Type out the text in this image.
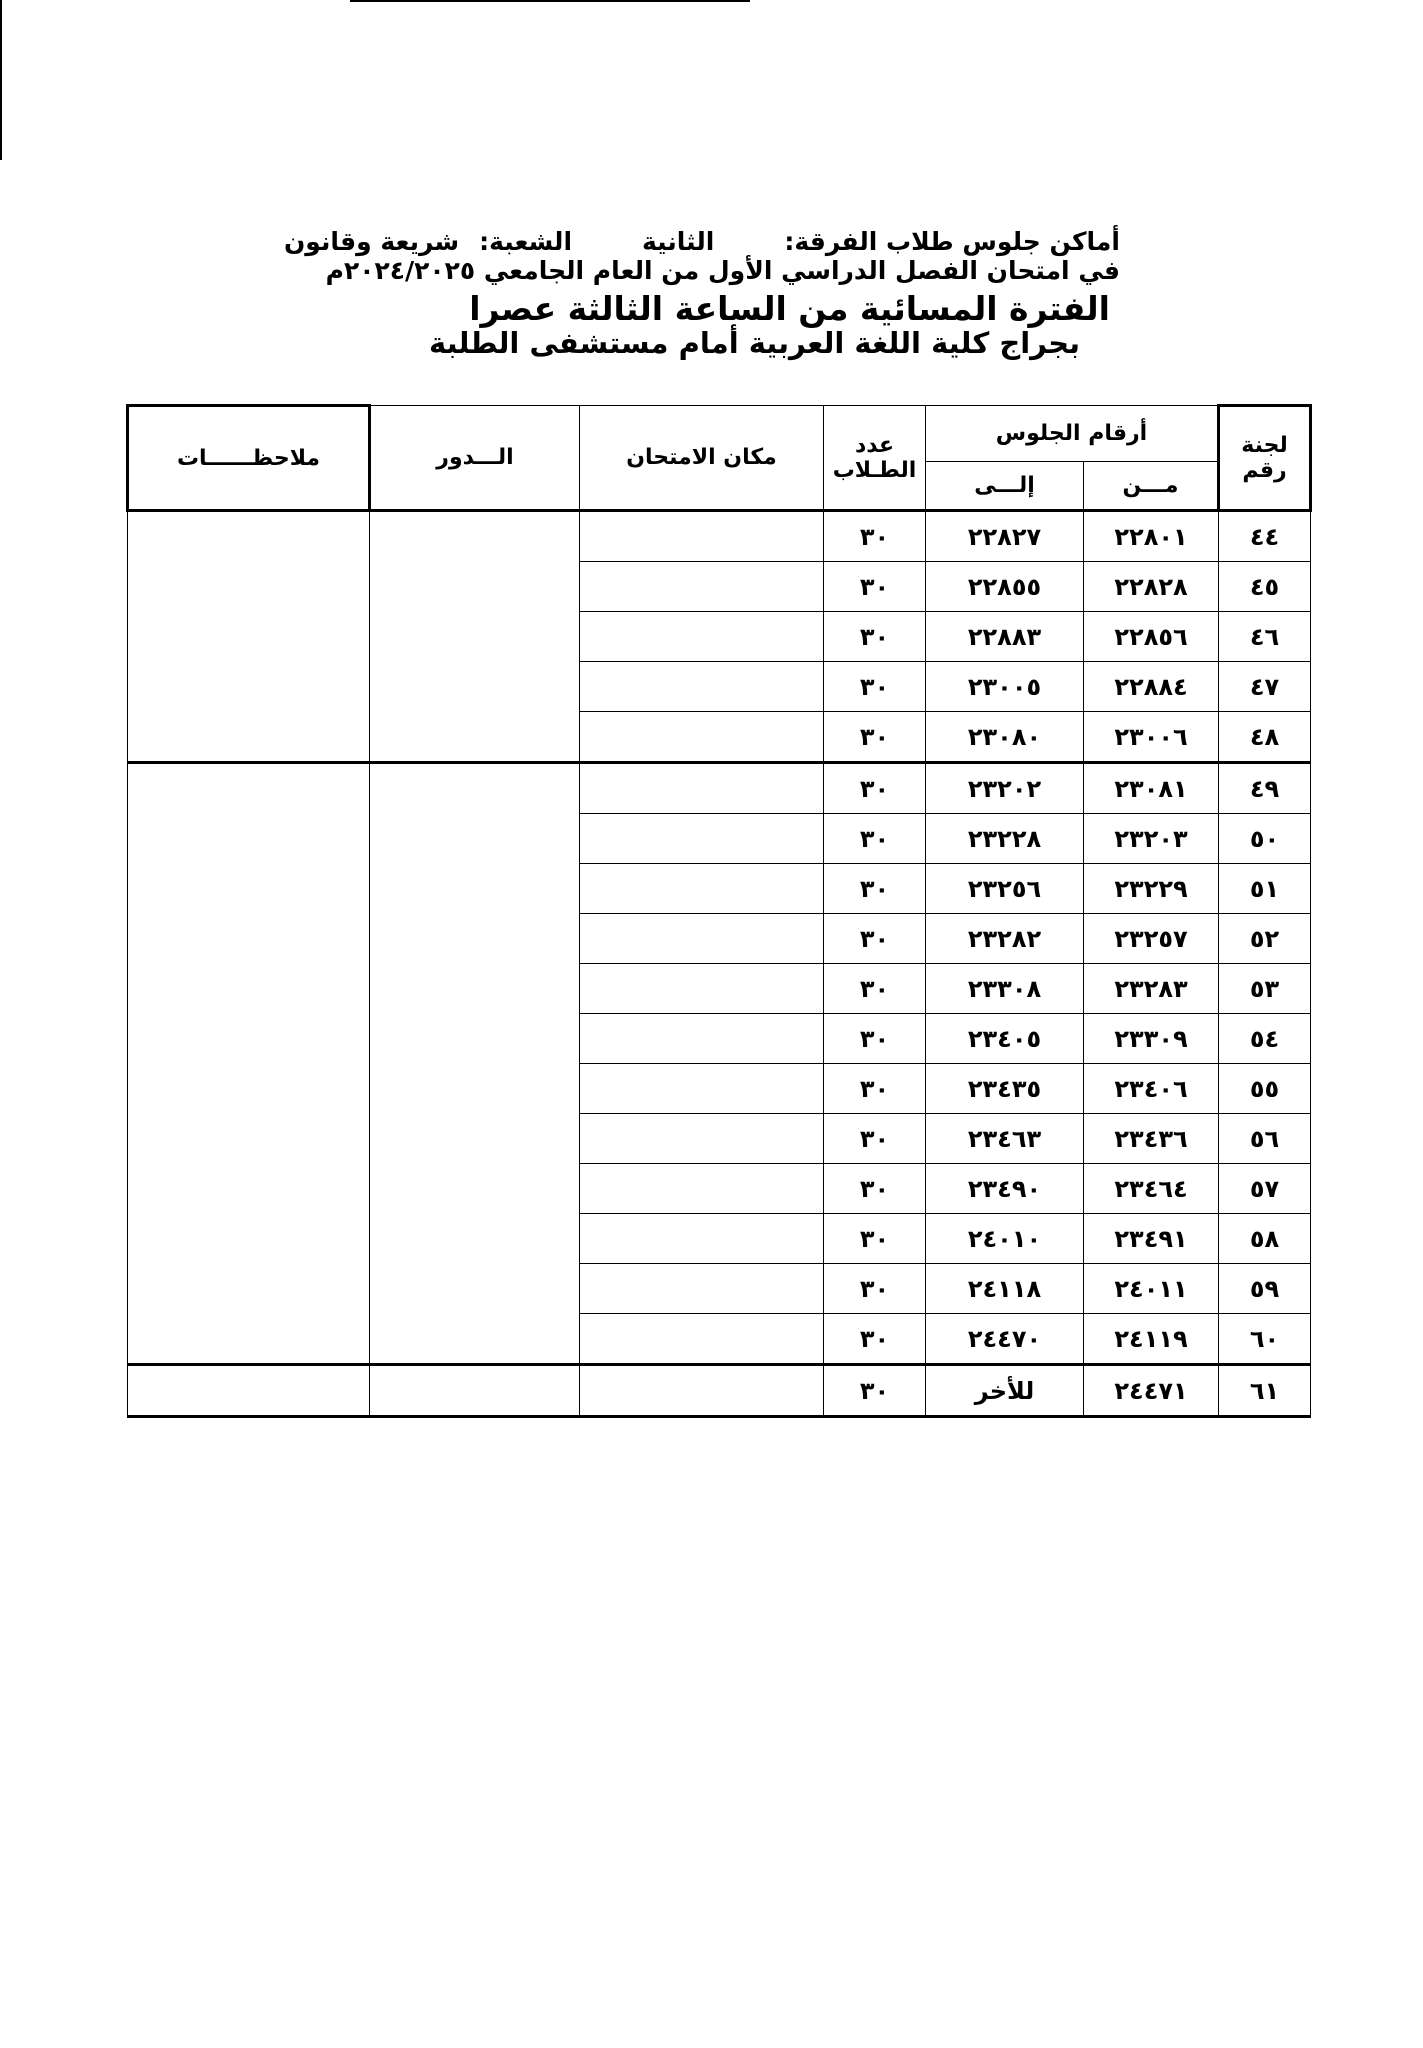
أماكن جلوس طلاب الفرقة:الثانيةالشعبة:شريعة وقانون
في امتحان الفصل الدراسي الأول من العام الجامعي ٢٠٢٤/٢٠٢٥م
الفترة المسائية من الساعة الثالثة عصرا
بجراج كلية اللغة العربية أمام مستشفى الطلبة
لجنة رقم	أرقام الجلوس		عدد الطـلاب	مكان الامتحان	الـــدور	ملاحظــــــات
	مـــن	إلـــى				
٤٤	٢٢٨٠١	٢٢٨٢٧	٣٠			
٤٥	٢٢٨٢٨	٢٢٨٥٥	٣٠			
٤٦	٢٢٨٥٦	٢٢٨٨٣	٣٠			
٤٧	٢٢٨٨٤	٢٣٠٠٥	٣٠			
٤٨	٢٣٠٠٦	٢٣٠٨٠	٣٠			
٤٩	٢٣٠٨١	٢٣٢٠٢	٣٠			
٥٠	٢٣٢٠٣	٢٣٢٢٨	٣٠			
٥١	٢٣٢٢٩	٢٣٢٥٦	٣٠			
٥٢	٢٣٢٥٧	٢٣٢٨٢	٣٠			
٥٣	٢٣٢٨٣	٢٣٣٠٨	٣٠			
٥٤	٢٣٣٠٩	٢٣٤٠٥	٣٠			
٥٥	٢٣٤٠٦	٢٣٤٣٥	٣٠			
٥٦	٢٣٤٣٦	٢٣٤٦٣	٣٠			
٥٧	٢٣٤٦٤	٢٣٤٩٠	٣٠			
٥٨	٢٣٤٩١	٢٤٠١٠	٣٠			
٥٩	٢٤٠١١	٢٤١١٨	٣٠			
٦٠	٢٤١١٩	٢٤٤٧٠	٣٠			
٦١	٢٤٤٧١	للأخر	٣٠			
